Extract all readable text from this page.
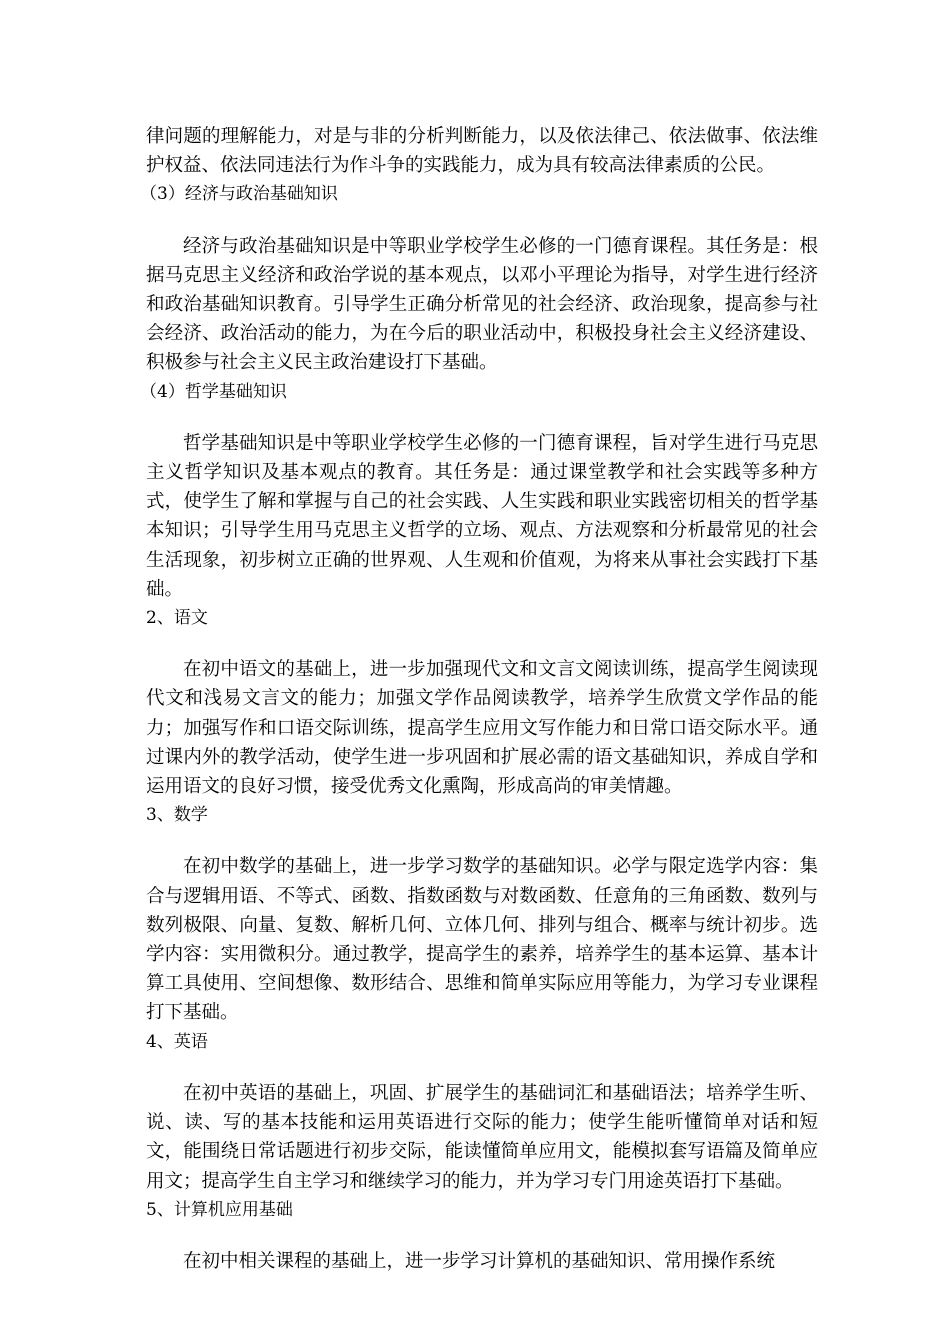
律问题的理解能力，对是与非的分析判断能力，以及依法律己、依法做事、依法维护权益、依法同违法行为作斗争的实践能力，成为具有较高法律素质的公民。

（3）经济与政治基础知识

经济与政治基础知识是中等职业学校学生必修的一门德育课程。其任务是：根据马克思主义经济和政治学说的基本观点，以邓小平理论为指导，对学生进行经济和政治基础知识教育。引导学生正确分析常见的社会经济、政治现象，提高参与社会经济、政治活动的能力，为在今后的职业活动中，积极投身社会主义经济建设、积极参与社会主义民主政治建设打下基础。

（4）哲学基础知识

哲学基础知识是中等职业学校学生必修的一门德育课程，旨对学生进行马克思主义哲学知识及基本观点的教育。其任务是：通过课堂教学和社会实践等多种方式，使学生了解和掌握与自己的社会实践、人生实践和职业实践密切相关的哲学基本知识；引导学生用马克思主义哲学的立场、观点、方法观察和分析最常见的社会生活现象，初步树立正确的世界观、人生观和价值观，为将来从事社会实践打下基础。

2、语文

在初中语文的基础上，进一步加强现代文和文言文阅读训练，提高学生阅读现代文和浅易文言文的能力；加强文学作品阅读教学，培养学生欣赏文学作品的能力；加强写作和口语交际训练，提高学生应用文写作能力和日常口语交际水平。通过课内外的教学活动，使学生进一步巩固和扩展必需的语文基础知识，养成自学和运用语文的良好习惯，接受优秀文化熏陶，形成高尚的审美情趣。

3、数学

在初中数学的基础上，进一步学习数学的基础知识。必学与限定选学内容：集合与逻辑用语、不等式、函数、指数函数与对数函数、任意角的三角函数、数列与数列极限、向量、复数、解析几何、立体几何、排列与组合、概率与统计初步。选学内容：实用微积分。通过教学，提高学生的素养，培养学生的基本运算、基本计算工具使用、空间想像、数形结合、思维和简单实际应用等能力，为学习专业课程打下基础。

4、英语

在初中英语的基础上，巩固、扩展学生的基础词汇和基础语法；培养学生听、说、读、写的基本技能和运用英语进行交际的能力；使学生能听懂简单对话和短文，能围绕日常话题进行初步交际，能读懂简单应用文，能模拟套写语篇及简单应用文；提高学生自主学习和继续学习的能力，并为学习专门用途英语打下基础。

5、计算机应用基础

在初中相关课程的基础上，进一步学习计算机的基础知识、常用操作系统
